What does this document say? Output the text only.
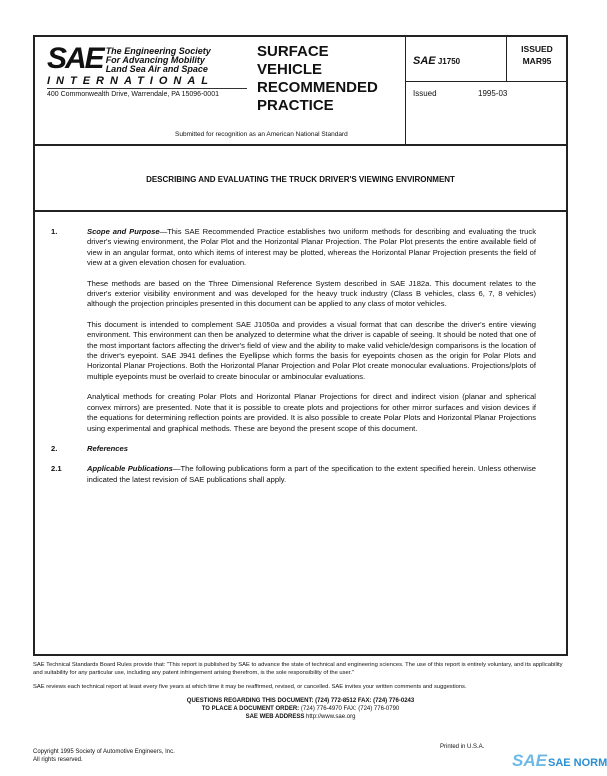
SAE The Engineering Society
For Advancing Mobility
Land Sea Air and Space
INTERNATIONAL
400 Commonwealth Drive, Warrendale, PA 15096-0001
SURFACE
VEHICLE
RECOMMENDED
PRACTICE
Submitted for recognition as an American National Standard
SAE J1750
ISSUED
MAR95
Issued	1995-03
DESCRIBING AND EVALUATING THE TRUCK DRIVER'S VIEWING ENVIRONMENT
1.	Scope and Purpose—This SAE Recommended Practice establishes two uniform methods for describing and evaluating the truck driver's viewing environment, the Polar Plot and the Horizontal Planar Projection. The Polar Plot presents the entire available field of view in an angular format, onto which items of interest may be plotted, whereas the Horizontal Planar Projection presents the field of view at a given elevation chosen for evaluation.

These methods are based on the Three Dimensional Reference System described in SAE J182a. This document relates to the driver's exterior visibility environment and was developed for the heavy truck industry (Class B vehicles, class 6, 7, 8 vehicles) although the projection principles presented in this document can be applied to any class of motor vehicles.
This document is intended to complement SAE J1050a and provides a visual format that can describe the driver's entire viewing environment. This environment can then be analyzed to determine what the driver is capable of seeing. It should be noted that one of the most important factors affecting the driver's field of view and the ability to make valid vehicle/design comparisons is the location of the driver's eyepoint. SAE J941 defines the Eyellipse which forms the basis for eyepoints chosen as the origin for Polar Plots and Horizontal Planar Projections. Both the Horizontal Planar Projection and Polar Plot create monocular evaluations. Projections/plots of multiple eyepoints must be overlaid to create binocular or ambinocular evaluations.
Analytical methods for creating Polar Plots and Horizontal Planar Projections for direct and indirect vision (planar and spherical convex mirrors) are presented. Note that it is possible to create plots and projections for other mirror surfaces and vision devices if the equations for determining reflection points are provided. It is also possible to create Polar Plots and Horizontal Planar Projections using experimental and graphical methods. These are beyond the present scope of this document.
2.	References

2.1	Applicable Publications—The following publications form a part of the specification to the extent specified herein. Unless otherwise indicated the latest revision of SAE publications shall apply.

SAE Technical Standards Board Rules provide that: "This report is published by SAE to advance the state of technical and engineering sciences. The use of this report is entirely voluntary, and its applicability and suitability for any particular use, including any patent infringement arising therefrom, is the sole responsibility of the user."

SAE reviews each technical report at least every five years at which time it may be reaffirmed, revised, or cancelled. SAE invites your written comments and suggestions.

QUESTIONS REGARDING THIS DOCUMENT: (724) 772-8512 FAX: (724) 776-0243
TO PLACE A DOCUMENT ORDER: (724) 776-4970 FAX: (724) 776-0790
SAE WEB ADDRESS http://www.sae.org
Copyright 1995 Society of Automotive Engineers, Inc.
All rights reserved.
Printed in U.S.A.
SAE SAE NORM
